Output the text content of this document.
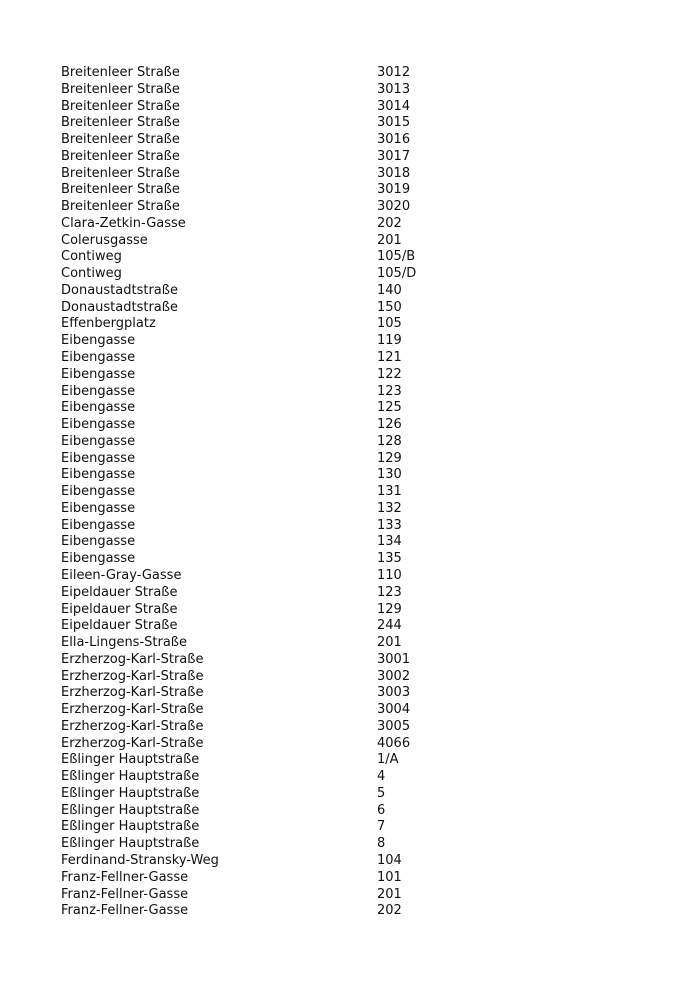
Breitenleer Straße	3012
Breitenleer Straße	3013
Breitenleer Straße	3014
Breitenleer Straße	3015
Breitenleer Straße	3016
Breitenleer Straße	3017
Breitenleer Straße	3018
Breitenleer Straße	3019
Breitenleer Straße	3020
Clara-Zetkin-Gasse	202
Colerusgasse	201
Contiweg	105/B
Contiweg	105/D
Donaustadtstraße	140
Donaustadtstraße	150
Effenbergplatz	105
Eibengasse	119
Eibengasse	121
Eibengasse	122
Eibengasse	123
Eibengasse	125
Eibengasse	126
Eibengasse	128
Eibengasse	129
Eibengasse	130
Eibengasse	131
Eibengasse	132
Eibengasse	133
Eibengasse	134
Eibengasse	135
Eileen-Gray-Gasse	110
Eipeldauer Straße	123
Eipeldauer Straße	129
Eipeldauer Straße	244
Ella-Lingens-Straße	201
Erzherzog-Karl-Straße	3001
Erzherzog-Karl-Straße	3002
Erzherzog-Karl-Straße	3003
Erzherzog-Karl-Straße	3004
Erzherzog-Karl-Straße	3005
Erzherzog-Karl-Straße	4066
Eßlinger Hauptstraße	1/A
Eßlinger Hauptstraße	4
Eßlinger Hauptstraße	5
Eßlinger Hauptstraße	6
Eßlinger Hauptstraße	7
Eßlinger Hauptstraße	8
Ferdinand-Stransky-Weg	104
Franz-Fellner-Gasse	101
Franz-Fellner-Gasse	201
Franz-Fellner-Gasse	202
